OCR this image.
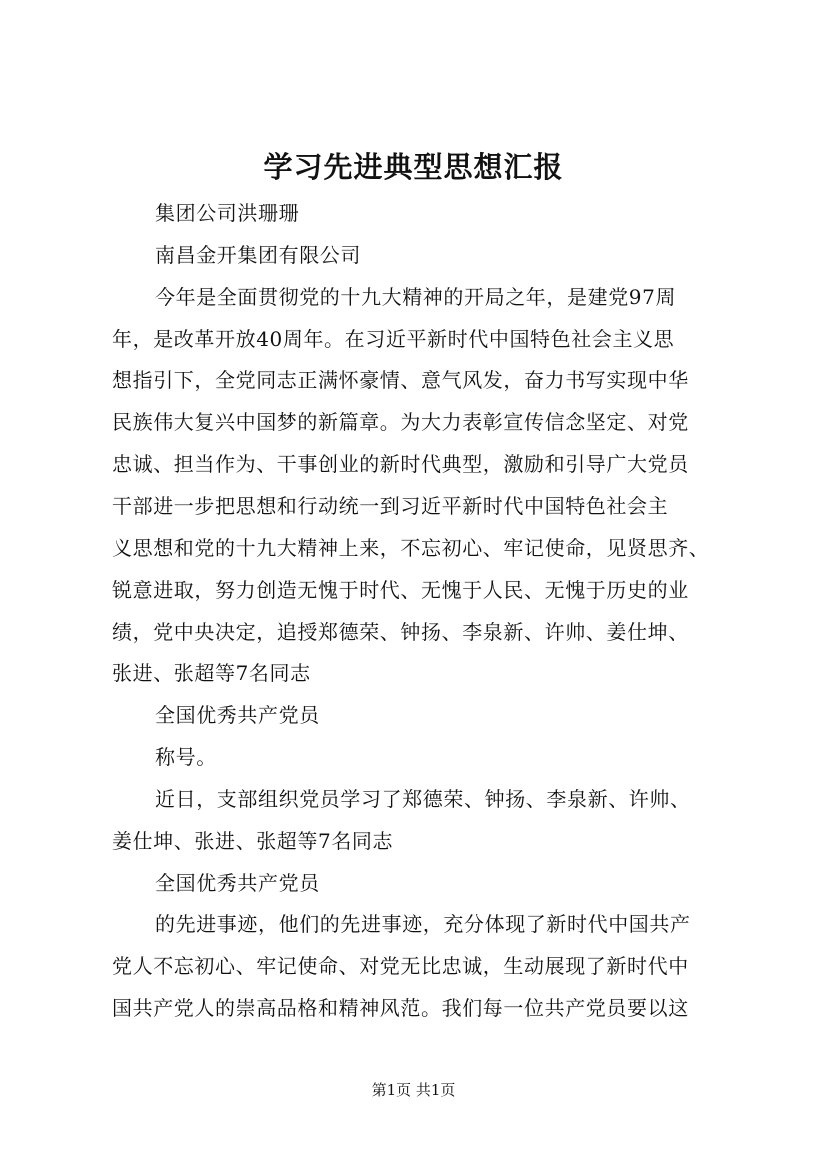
学习先进典型思想汇报
集团公司洪珊珊
南昌金开集团有限公司
今年是全面贯彻党的十九大精神的开局之年，是建党97周
年，是改革开放40周年。在习近平新时代中国特色社会主义思
想指引下，全党同志正满怀豪情、意气风发，奋力书写实现中华
民族伟大复兴中国梦的新篇章。为大力表彰宣传信念坚定、对党
忠诚、担当作为、干事创业的新时代典型，激励和引导广大党员
干部进一步把思想和行动统一到习近平新时代中国特色社会主
义思想和党的十九大精神上来，不忘初心、牢记使命，见贤思齐、
锐意进取，努力创造无愧于时代、无愧于人民、无愧于历史的业
绩，党中央决定，追授郑德荣、钟扬、李泉新、许帅、姜仕坤、
张进、张超等7名同志
全国优秀共产党员
称号。
近日，支部组织党员学习了郑德荣、钟扬、李泉新、许帅、
姜仕坤、张进、张超等7名同志
全国优秀共产党员
的先进事迹，他们的先进事迹，充分体现了新时代中国共产
党人不忘初心、牢记使命、对党无比忠诚，生动展现了新时代中
国共产党人的崇高品格和精神风范。我们每一位共产党员要以这
第1页 共1页
